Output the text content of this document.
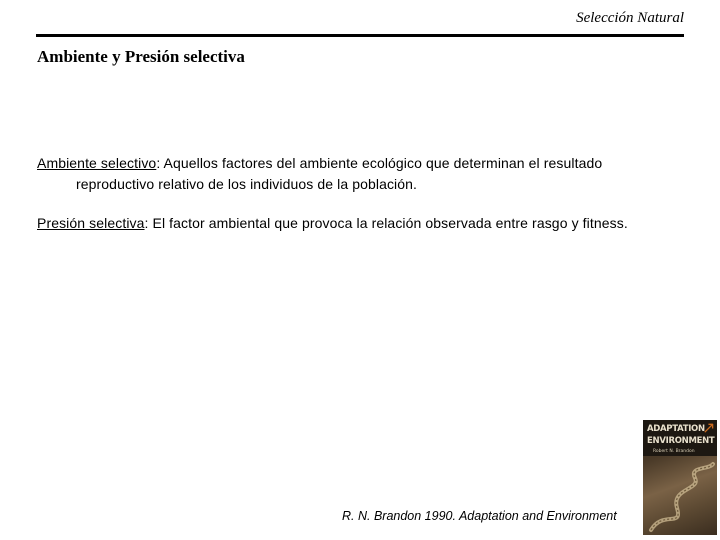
Selección Natural
Ambiente y Presión selectiva
Ambiente selectivo: Aquellos factores del ambiente ecológico que determinan el resultado
reproductivo relativo de los individuos de la población.
Presión selectiva: El factor ambiental que provoca la relación observada entre rasgo y fitness.
R. N. Brandon 1990. Adaptation and Environment
ADAPTATION
ENVIRONMENT
Robert N. Brandon
↗
